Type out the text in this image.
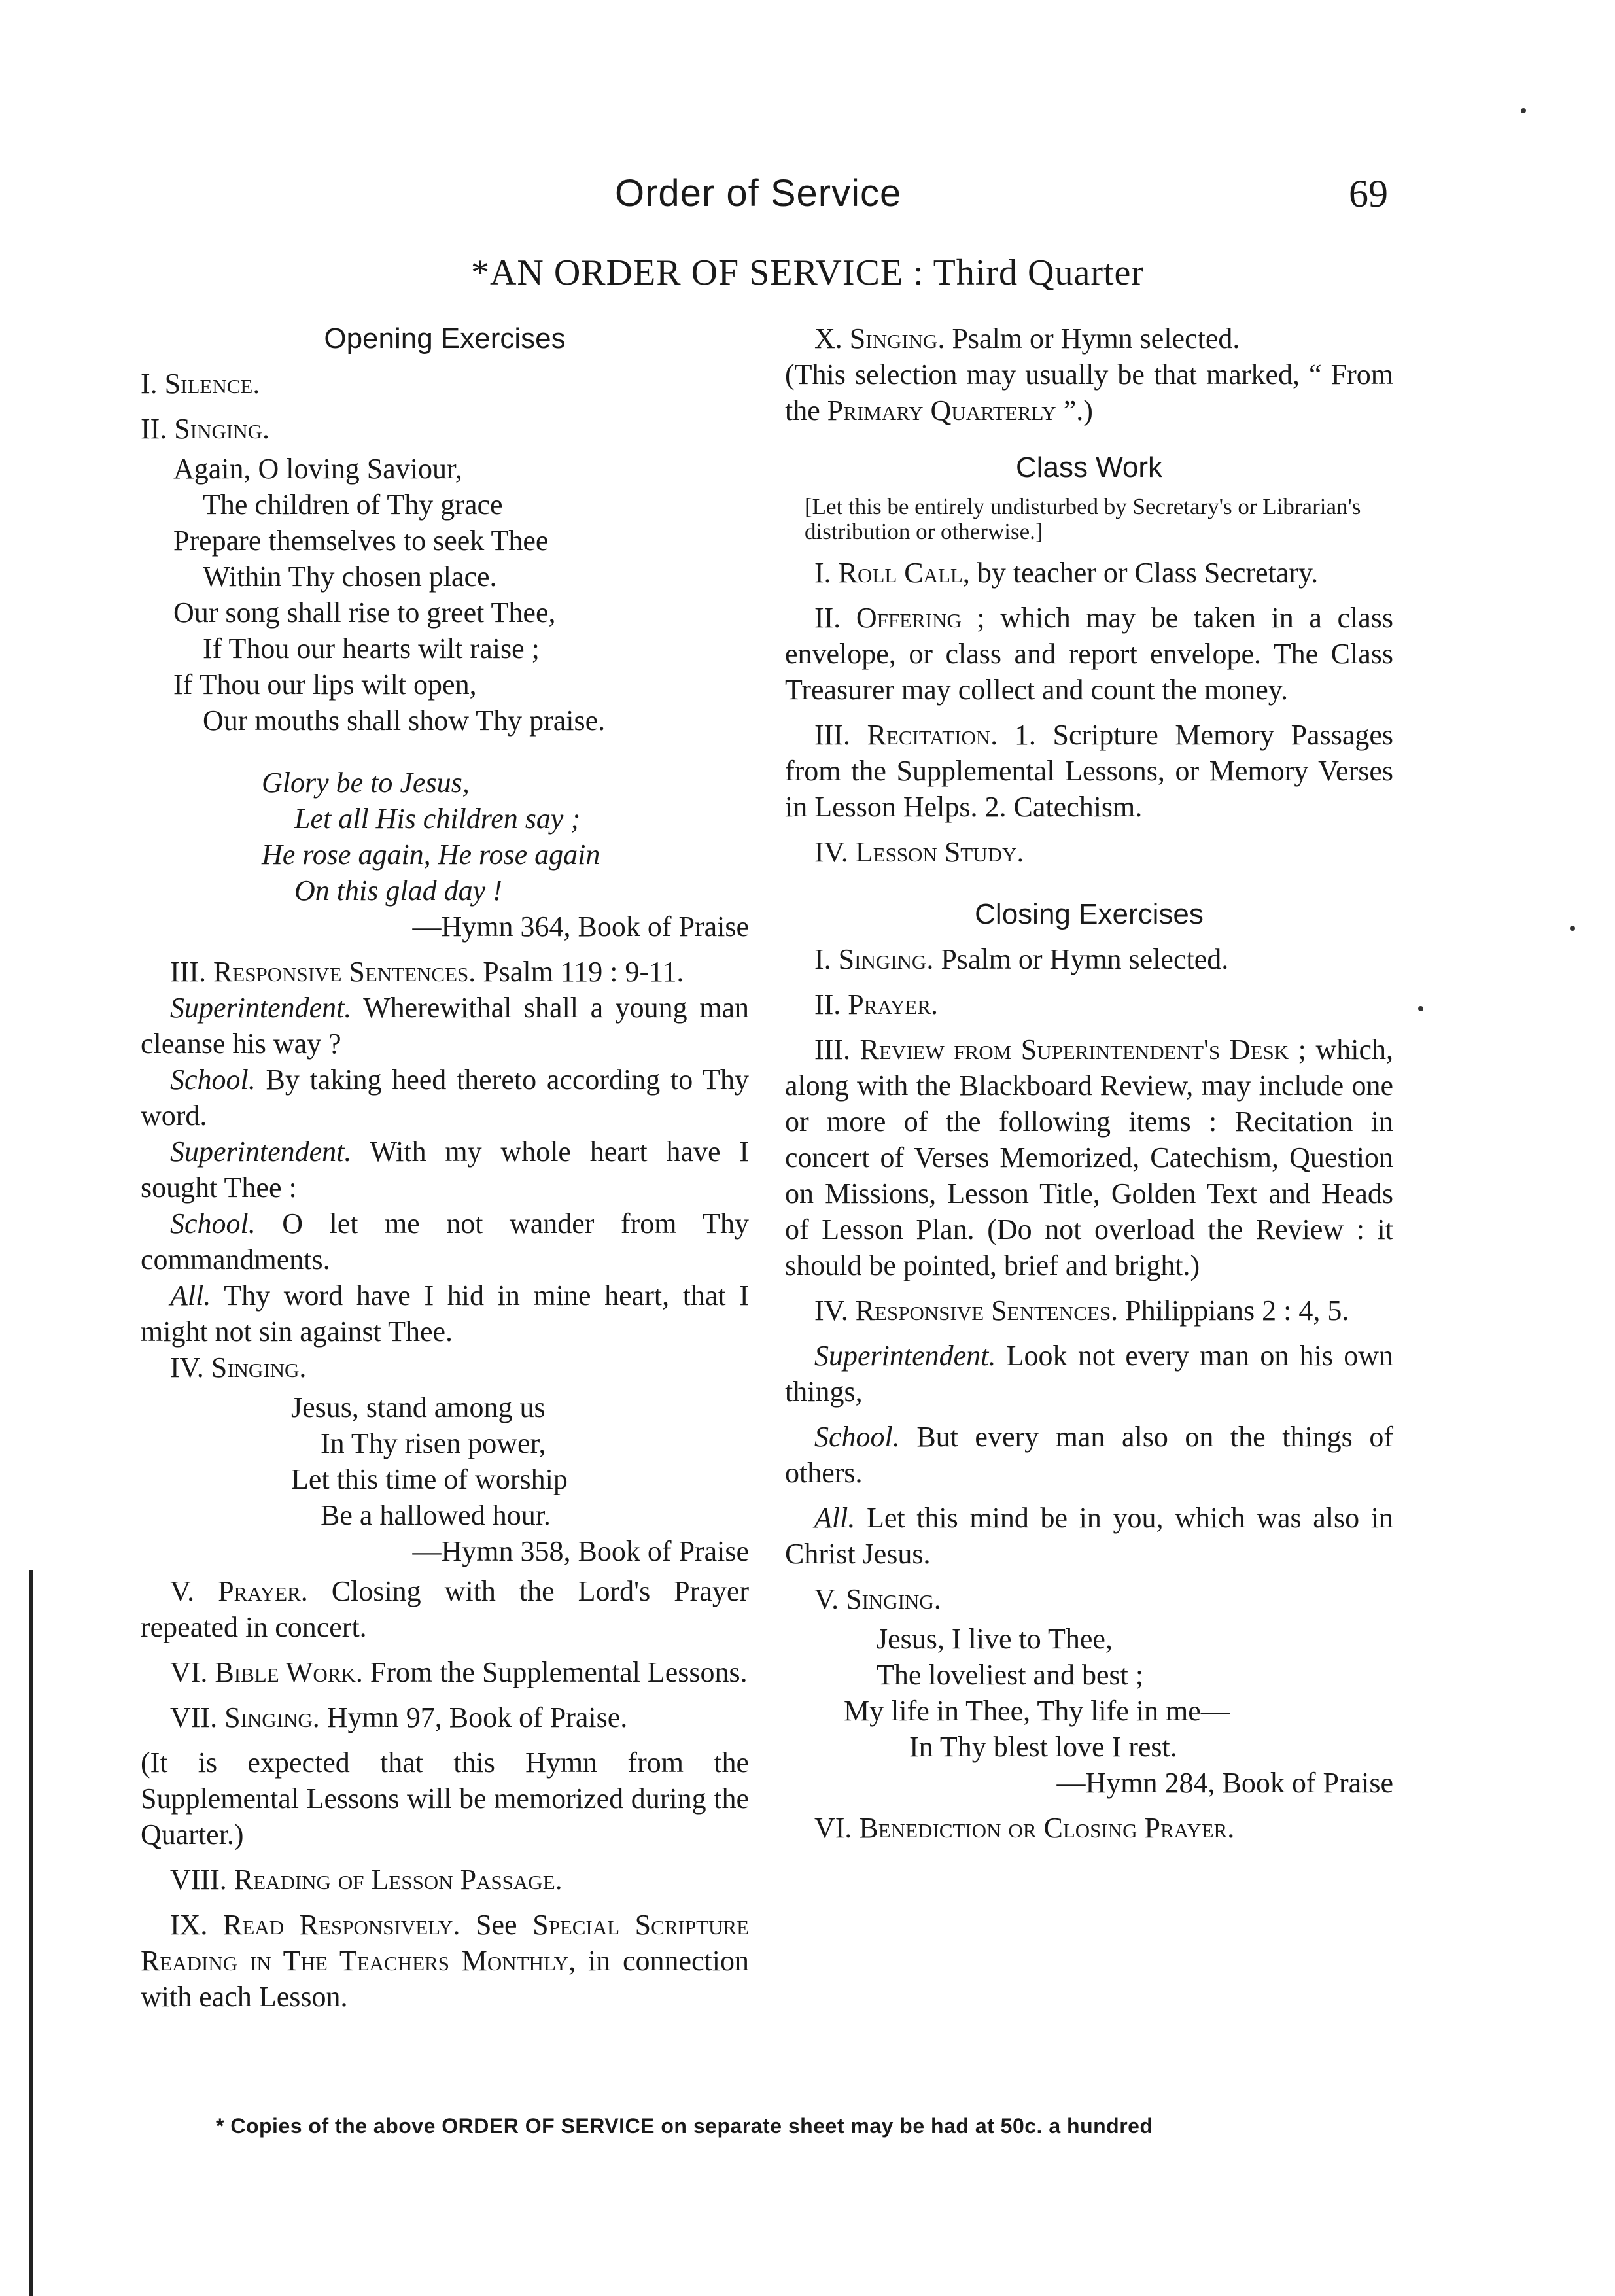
Order of Service	69
*AN ORDER OF SERVICE : Third Quarter
Opening Exercises

I. Silence.

II. Singing.

Again, O loving Saviour,
The children of Thy grace
Prepare themselves to seek Thee
Within Thy chosen place.
Our song shall rise to greet Thee,
If Thou our hearts wilt raise ;
If Thou our lips wilt open,
Our mouths shall show Thy praise.
Glory be to Jesus,
Let all His children say ;
He rose again, He rose again
On this glad day !

—Hymn 364, Book of Praise

III. Responsive Sentences. Psalm 119 : 9-11.

Superintendent. Wherewithal shall a young man cleanse his way ?

School. By taking heed thereto according to Thy word.

Superintendent. With my whole heart have I sought Thee :

School. O let me not wander from Thy commandments.

All. Thy word have I hid in mine heart, that I might not sin against Thee.

IV. Singing.

Jesus, stand among us
In Thy risen power,
Let this time of worship
Be a hallowed hour.

—Hymn 358, Book of Praise

V. Prayer. Closing with the Lord's Prayer repeated in concert.

VI. Bible Work. From the Supplemental Lessons.

VII. Singing. Hymn 97, Book of Praise.

(It is expected that this Hymn from the Supplemental Lessons will be memorized during the Quarter.)

VIII. Reading of Lesson Passage.

IX. Read Responsively. See Special Scripture Reading in The Teachers Monthly, in connection with each Lesson.

X. Singing. Psalm or Hymn selected.

(This selection may usually be that marked, “ From the Primary Quarterly ”.)

Class Work

[Let this be entirely undisturbed by Secretary's or Librarian's distribution or otherwise.]

I. Roll Call, by teacher or Class Secretary.

II. Offering ; which may be taken in a class envelope, or class and report envelope. The Class Treasurer may collect and count the money.

III. Recitation. 1. Scripture Memory Passages from the Supplemental Lessons, or Memory Verses in Lesson Helps. 2. Catechism.

IV. Lesson Study.

Closing Exercises

I. Singing. Psalm or Hymn selected.

II. Prayer.

III. Review from Superintendent's Desk ; which, along with the Blackboard Review, may include one or more of the following items : Recitation in concert of Verses Memorized, Catechism, Question on Missions, Lesson Title, Golden Text and Heads of Lesson Plan. (Do not overload the Review : it should be pointed, brief and bright.)

IV. Responsive Sentences. Philippians 2 : 4, 5.

Superintendent. Look not every man on his own things,

School. But every man also on the things of others.

All. Let this mind be in you, which was also in Christ Jesus.

V. Singing.

Jesus, I live to Thee,
The loveliest and best ;
My life in Thee, Thy life in me—
In Thy blest love I rest.

—Hymn 284, Book of Praise

VI. Benediction or Closing Prayer.

* Copies of the above ORDER OF SERVICE on separate sheet may be had at 50c. a hundred
